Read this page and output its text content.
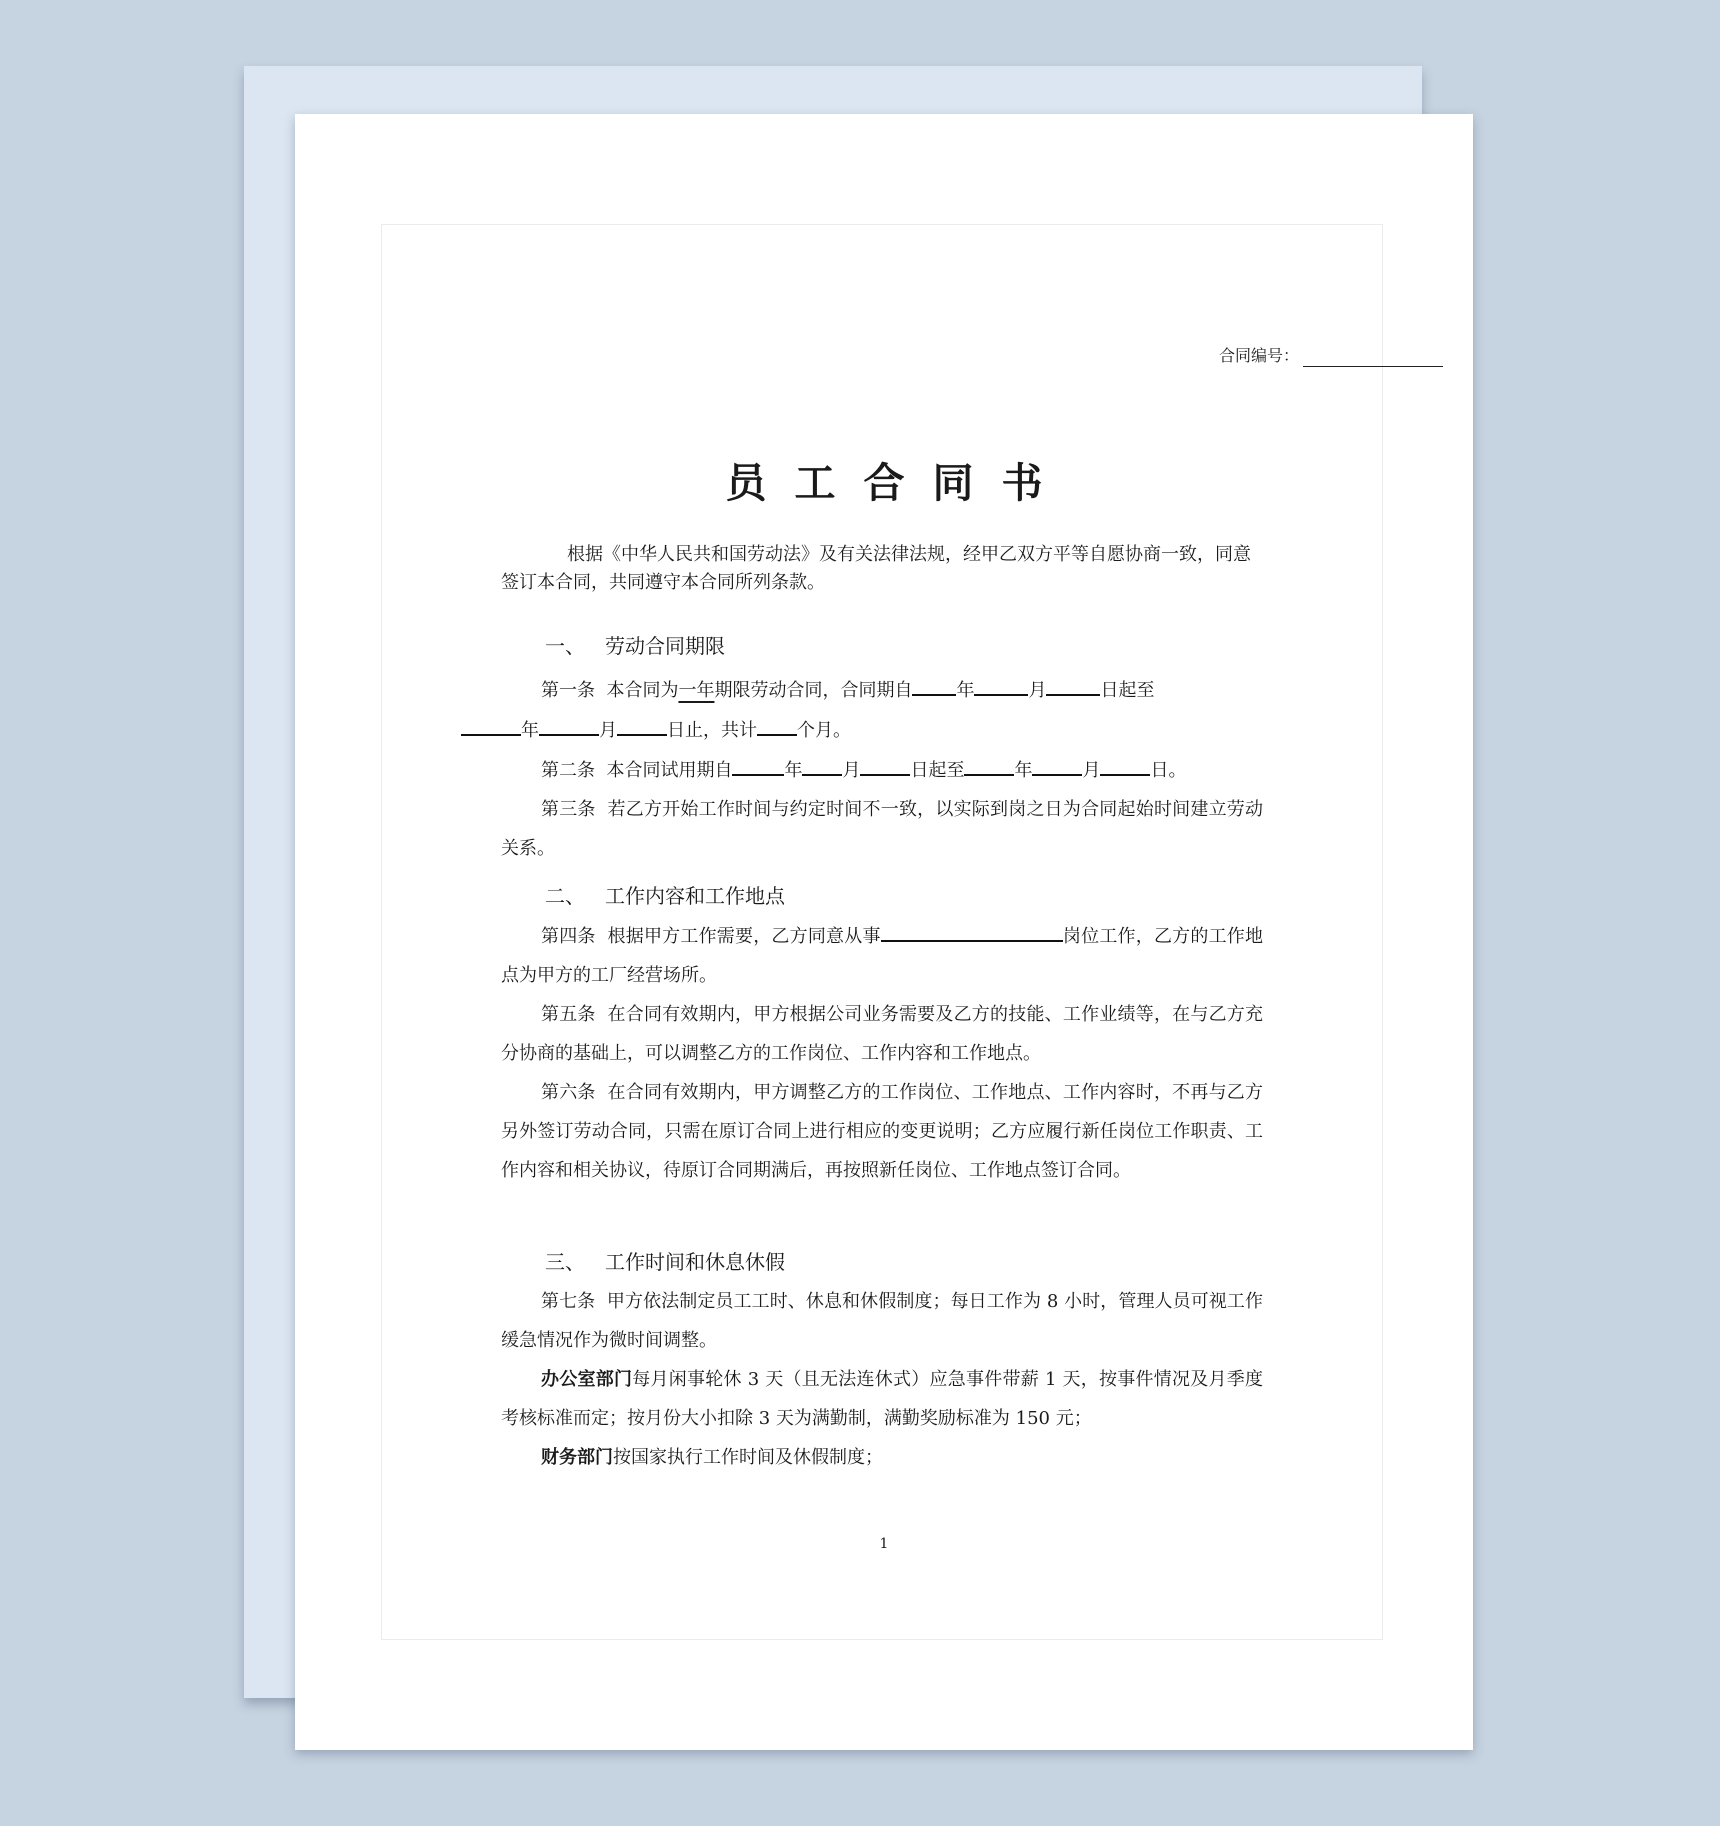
合同编号：
员工合同书

根据《中华人民共和国劳动法》及有关法律法规，经甲乙双方平等自愿协商一致，同意签订本合同，共同遵守本合同所列条款。

一、 劳动合同期限

第一条 本合同为一年期限劳动合同，合同期自 年	月	日起至
年	月	日止，共计 个月。

第二条 本合同试用期自	年 月	日起至	年	月	日。

第三条 若乙方开始工作时间与约定时间不一致，以实际到岗之日为合同起始时间建立劳动关系。

二、 工作内容和工作地点

第四条 根据甲方工作需要，乙方同意从事	岗位工作，乙方的工作地点为甲方的工厂经营场所。

第五条 在合同有效期内，甲方根据公司业务需要及乙方的技能、工作业绩等，在与乙方充分协商的基础上，可以调整乙方的工作岗位、工作内容和工作地点。

第六条 在合同有效期内，甲方调整乙方的工作岗位、工作地点、工作内容时，不再与乙方另外签订劳动合同，只需在原订合同上进行相应的变更说明；乙方应履行新任岗位工作职责、工作内容和相关协议，待原订合同期满后，再按照新任岗位、工作地点签订合同。

三、 工作时间和休息休假

第七条 甲方依法制定员工工时、休息和休假制度；每日工作为 8 小时，管理人员可视工作缓急情况作为微时间调整。

办公室部门每月闲事轮休 3 天（且无法连休式）应急事件带薪 1 天，按事件情况及月季度考核标准而定；按月份大小扣除 3 天为满勤制，满勤奖励标准为 150 元；

财务部门按国家执行工作时间及休假制度；

1
